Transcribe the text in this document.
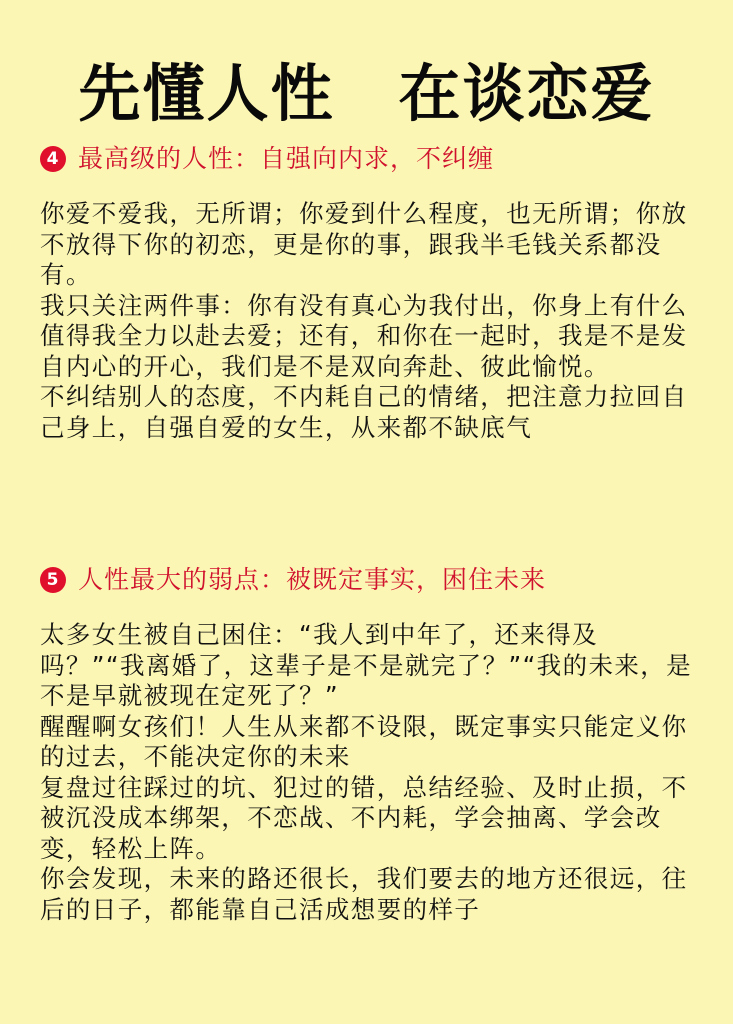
先懂人性　在谈恋爱
4 最高级的人性：自强向内求，不纠缠

你爱不爱我，无所谓；你爱到什么程度，也无所谓；你放不放得下你的初恋，更是你的事，跟我半毛钱关系都没有。

我只关注两件事：你有没有真心为我付出，你身上有什么值得我全力以赴去爱；还有，和你在一起时，我是不是发自内心的开心，我们是不是双向奔赴、彼此愉悦。

不纠结别人的态度，不内耗自己的情绪，把注意力拉回自己身上，自强自爱的女生，从来都不缺底气

5 人性最大的弱点：被既定事实，困住未来

太多女生被自己困住：“我人到中年了，还来得及吗？”“我离婚了，这辈子是不是就完了？”“我的未来，是不是早就被现在定死了？”

醒醒啊女孩们！人生从来都不设限，既定事实只能定义你的过去，不能决定你的未来

复盘过往踩过的坑、犯过的错，总结经验、及时止损，不被沉没成本绑架，不恋战、不内耗，学会抽离、学会改变，轻松上阵。

你会发现，未来的路还很长，我们要去的地方还很远，往后的日子，都能靠自己活成想要的样子
